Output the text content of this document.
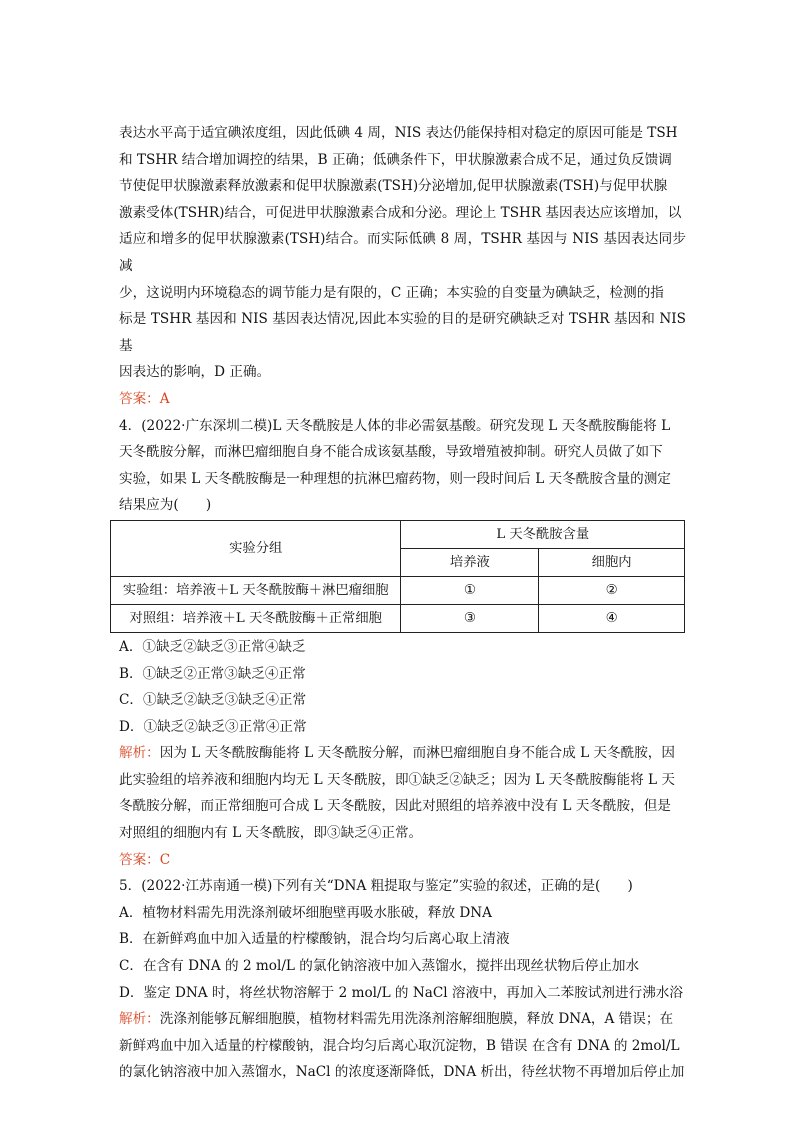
表达水平高于适宜碘浓度组，因此低碘 4 周，NIS 表达仍能保持相对稳定的原因可能是 TSH

和 TSHR 结合增加调控的结果，B 正确；低碘条件下，甲状腺激素合成不足，通过负反馈调

节使促甲状腺激素释放激素和促甲状腺激素(TSH)分泌增加,促甲状腺激素(TSH)与促甲状腺

激素受体(TSHR)结合，可促进甲状腺激素合成和分泌。理论上 TSHR 基因表达应该增加，以

适应和增多的促甲状腺激素(TSH)结合。而实际低碘 8 周，TSHR 基因与 NIS 基因表达同步减

少，这说明内环境稳态的调节能力是有限的，C 正确；本实验的自变量为碘缺乏，检测的指

标是 TSHR 基因和 NIS 基因表达情况,因此本实验的目的是研究碘缺乏对 TSHR 基因和 NIS 基

因表达的影响，D 正确。

答案：A

4．(2022·广东深圳二模)L 天冬酰胺是人体的非必需氨基酸。研究发现 L 天冬酰胺酶能将 L

天冬酰胺分解，而淋巴瘤细胞自身不能合成该氨基酸，导致增殖被抑制。研究人员做了如下

实验，如果 L 天冬酰胺酶是一种理想的抗淋巴瘤药物，则一段时间后 L 天冬酰胺含量的测定

结果应为(　　)

实验分组	L 天冬酰胺含量	
	培养液	细胞内
实验组：培养液＋L 天冬酰胺酶＋淋巴瘤细胞	①	②
对照组：培养液＋L 天冬酰胺酶＋正常细胞	③	④

A．①缺乏②缺乏③正常④缺乏

B．①缺乏②正常③缺乏④正常

C．①缺乏②缺乏③缺乏④正常

D．①缺乏②缺乏③正常④正常

解析：因为 L 天冬酰胺酶能将 L 天冬酰胺分解，而淋巴瘤细胞自身不能合成 L 天冬酰胺，因

此实验组的培养液和细胞内均无 L 天冬酰胺，即①缺乏②缺乏；因为 L 天冬酰胺酶能将 L 天

冬酰胺分解，而正常细胞可合成 L 天冬酰胺，因此对照组的培养液中没有 L 天冬酰胺，但是

对照组的细胞内有 L 天冬酰胺，即③缺乏④正常。

答案：C

5．(2022·江苏南通一模)下列有关“DNA 粗提取与鉴定”实验的叙述，正确的是(　　)

A．植物材料需先用洗涤剂破坏细胞壁再吸水胀破，释放 DNA

B．在新鲜鸡血中加入适量的柠檬酸钠，混合均匀后离心取上清液

C．在含有 DNA 的 2 mol/L 的氯化钠溶液中加入蒸馏水，搅拌出现丝状物后停止加水

D．鉴定 DNA 时，将丝状物溶解于 2 mol/L 的 NaCl 溶液中，再加入二苯胺试剂进行沸水浴

解析：洗涤剂能够瓦解细胞膜，植物材料需先用洗涤剂溶解细胞膜，释放 DNA，A 错误；在

新鲜鸡血中加入适量的柠檬酸钠，混合均匀后离心取沉淀物，B 错误 在含有 DNA 的 2mol/L

的氯化钠溶液中加入蒸馏水，NaCl 的浓度逐渐降低，DNA 析出，待丝状物不再增加后停止加
